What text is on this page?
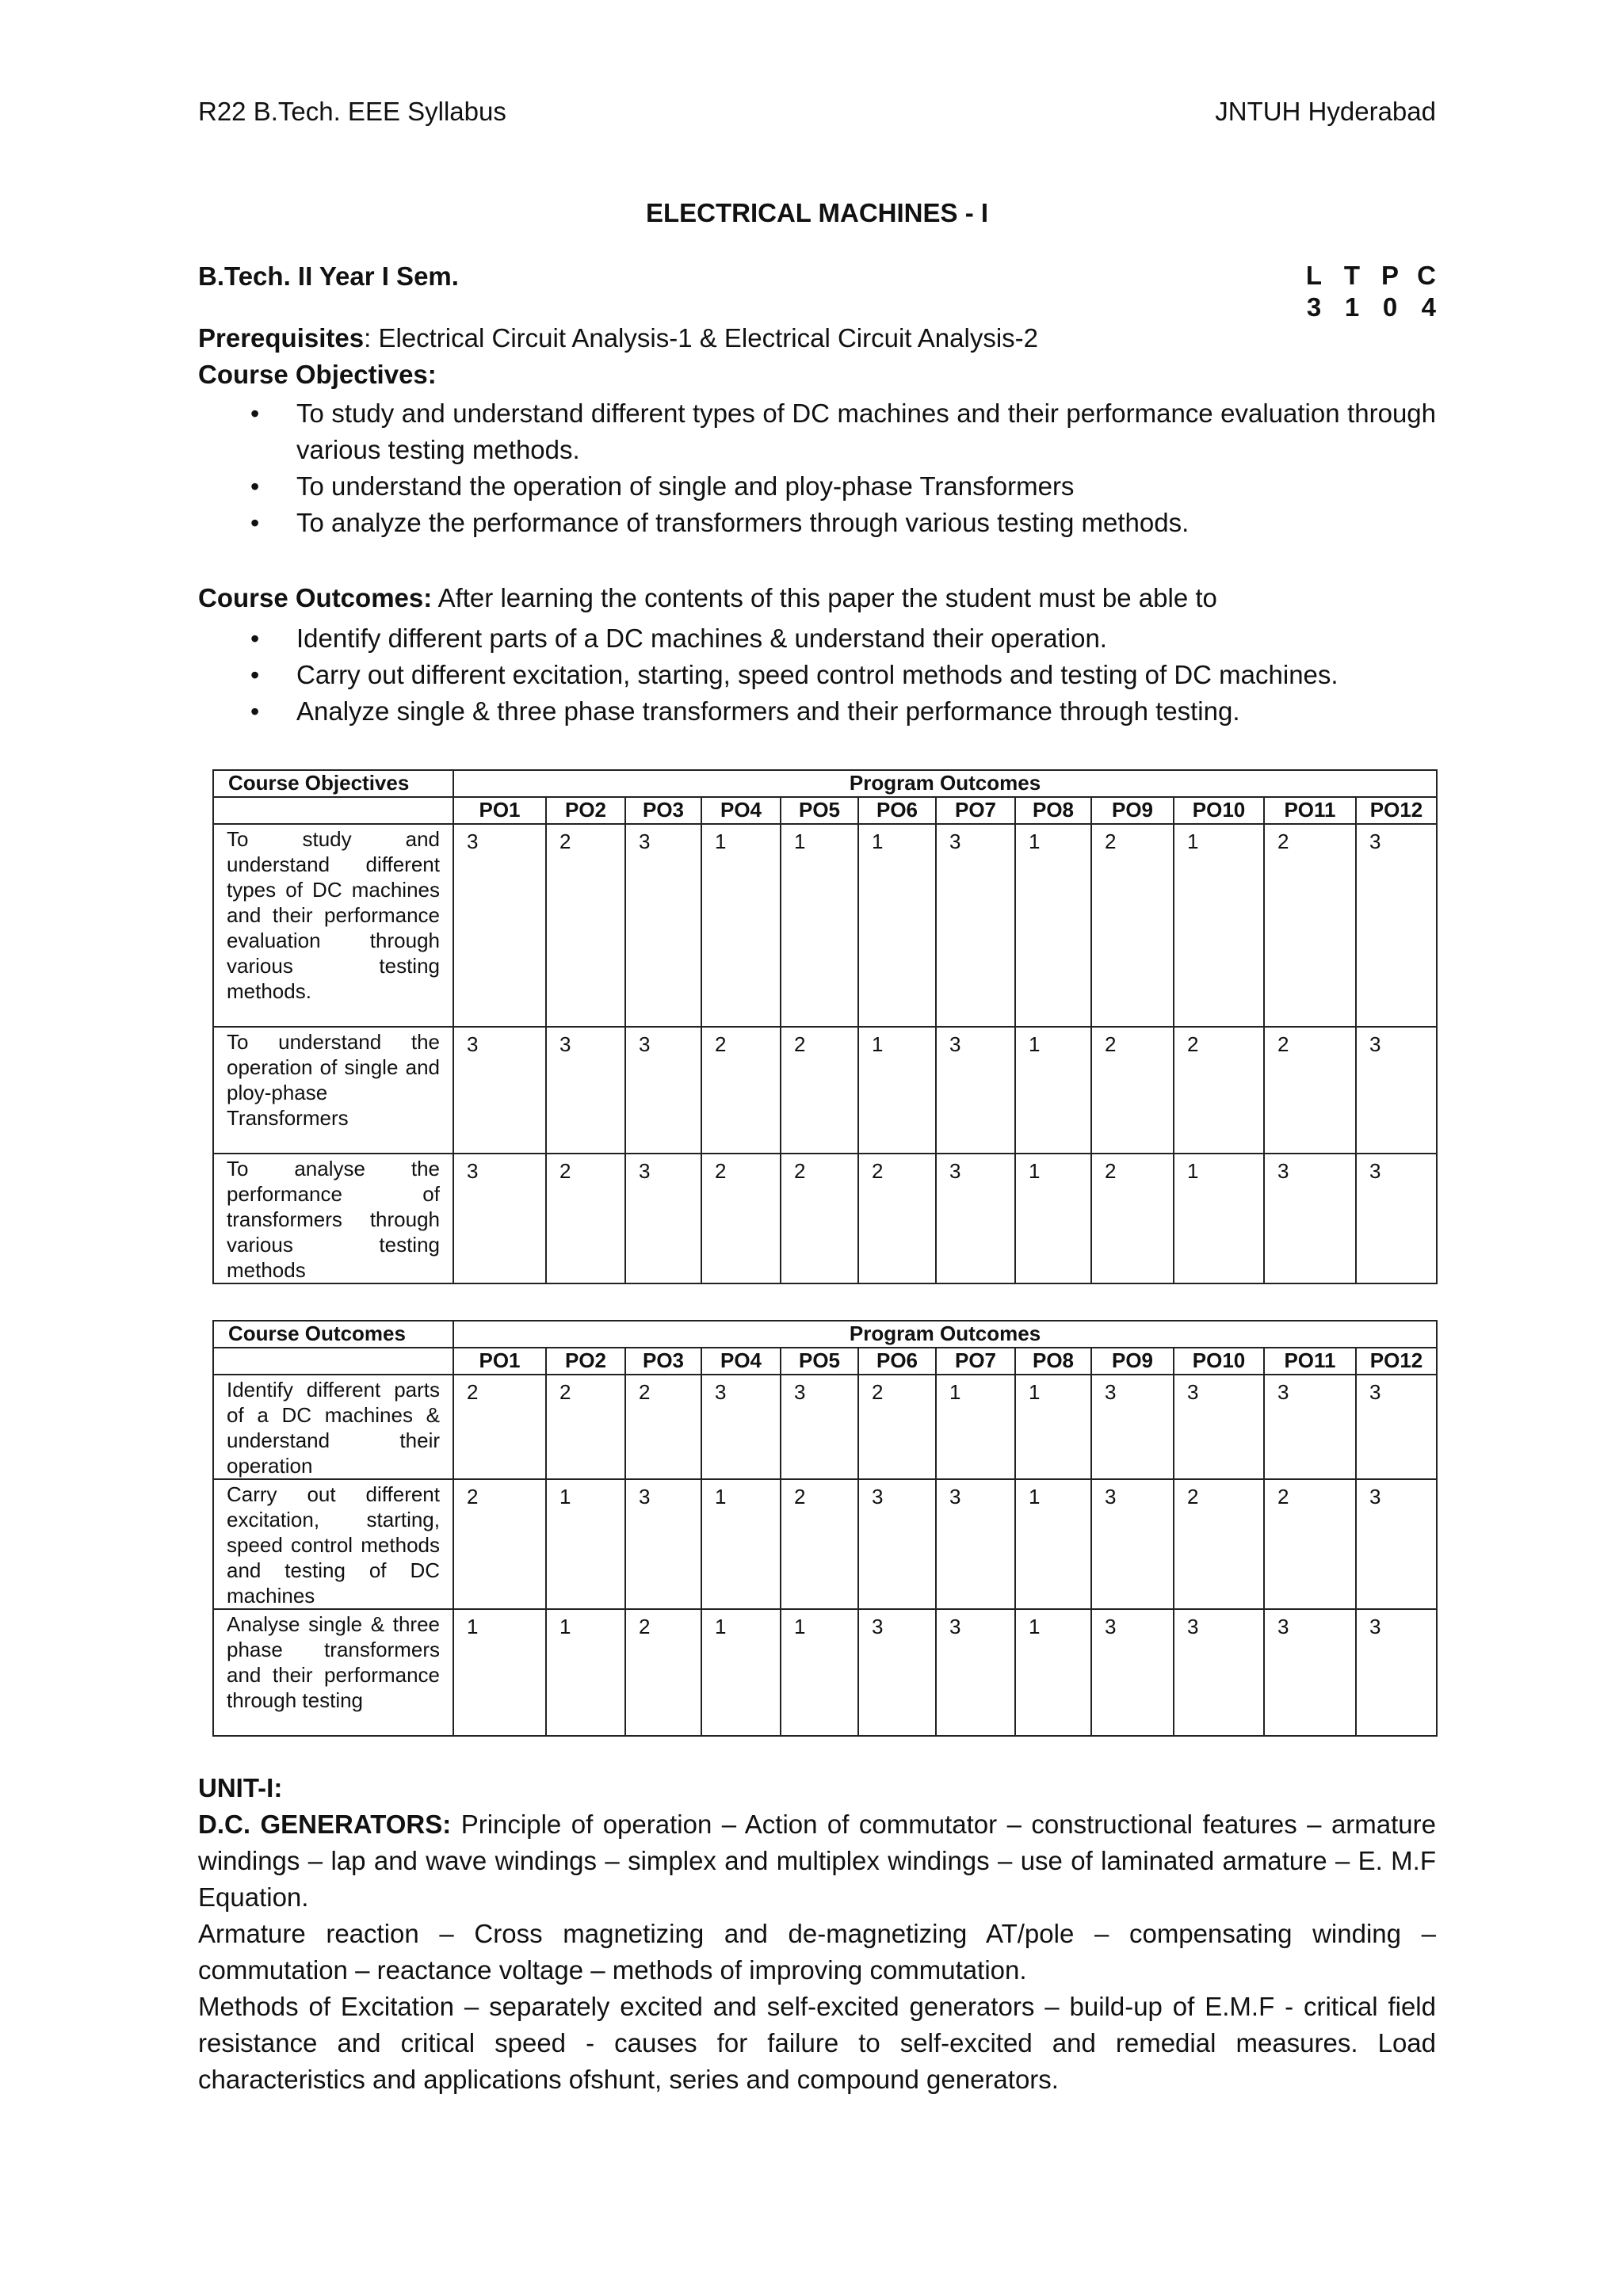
R22 B.Tech. EEE Syllabus	JNTUH Hyderabad
ELECTRICAL MACHINES - I
B.Tech. II Year I Sem.	L T P C
3 1 0 4
Prerequisites: Electrical Circuit Analysis-1 & Electrical Circuit Analysis-2
Course Objectives:
• To study and understand different types of DC machines and their performance evaluation through various testing methods.
• To understand the operation of single and ploy-phase Transformers
• To analyze the performance of transformers through various testing methods.
Course Outcomes: After learning the contents of this paper the student must be able to
• Identify different parts of a DC machines & understand their operation.
• Carry out different excitation, starting, speed control methods and testing of DC machines.
• Analyze single & three phase transformers and their performance through testing.
Course Objectives	Program Outcomes											
	PO1	PO2	PO3	PO4	PO5	PO6	PO7	PO8	PO9	PO10	PO11	PO12
To study and understand different types of DC machines and their performance evaluation through various testing methods.	3	2	3	1	1	1	3	1	2	1	2	3
To understand the operation of single and ploy-phase Transformers	3	3	3	2	2	1	3	1	2	2	2	3
To analyse the performance of transformers through various testing methods	3	2	3	2	2	2	3	1	2	1	3	3
Course Outcomes	Program Outcomes											
	PO1	PO2	PO3	PO4	PO5	PO6	PO7	PO8	PO9	PO10	PO11	PO12
Identify different parts of a DC machines & understand their operation	2	2	2	3	3	2	1	1	3	3	3	3
Carry out different excitation, starting, speed control methods and testing of DC machines	2	1	3	1	2	3	3	1	3	2	2	3
Analyse single & three phase transformers and their performance through testing	1	1	2	1	1	3	3	1	3	3	3	3

UNIT-I:

D.C. GENERATORS: Principle of operation – Action of commutator – constructional features – armature windings – lap and wave windings – simplex and multiplex windings – use of laminated armature – E. M.F Equation.

Armature reaction – Cross magnetizing and de-magnetizing AT/pole – compensating winding – commutation – reactance voltage – methods of improving commutation.

Methods of Excitation – separately excited and self-excited generators – build-up of E.M.F - critical field resistance and critical speed - causes for failure to self-excited and remedial measures. Load characteristics and applications ofshunt, series and compound generators.
